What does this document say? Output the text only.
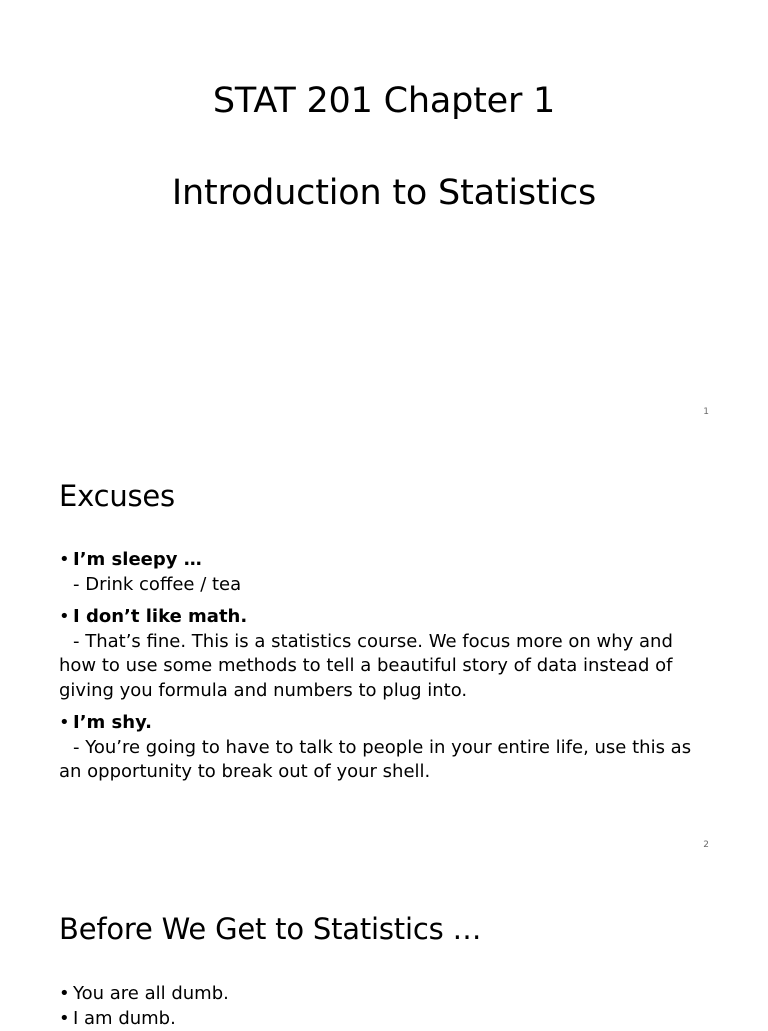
STAT 201 Chapter 1
Introduction to Statistics
1
Excuses

• I’m sleepy …

- Drink coffee / tea

• I don’t like math.

- That’s fine. This is a statistics course. We focus more on why and how to use some methods to tell a beautiful story of data instead of giving you formula and numbers to plug into.

• I’m shy.

- You’re going to have to talk to people in your entire life, use this as an opportunity to break out of your shell.

2
Before We Get to Statistics …

• You are all dumb.

• I am dumb.
